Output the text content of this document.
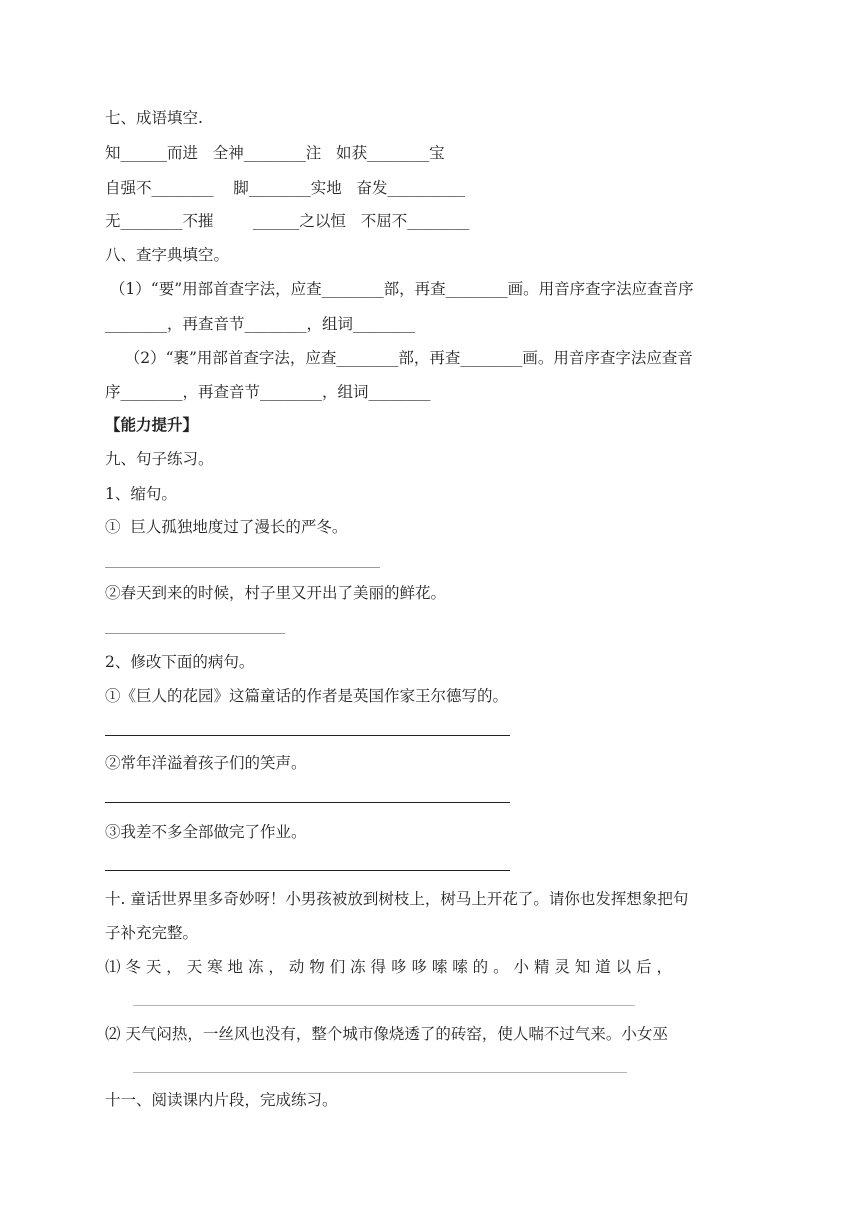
七、成语填空.

知______而进   全神________注   如获________宝

自强不________    脚________实地   奋发__________

无________不摧        ______之以恒   不屈不________

八、查字典填空。

（1）“要”用部首查字法，应查________部，再查________画。用音序查字法应查音序

________，再查音节________，组词________

（2）“裹”用部首查字法，应查________部，再查________画。用音序查字法应查音

序________，再查音节________，组词________

【能力提升】

九、句子练习。

1、缩句。

①  巨人孤独地度过了漫长的严冬。

②春天到来的时候，村子里又开出了美丽的鲜花。

2、修改下面的病句。

①《巨人的花园》这篇童话的作者是英国作家王尔德写的。

②常年洋溢着孩子们的笑声。

③我差不多全部做完了作业。

十. 童话世界里多奇妙呀！小男孩被放到树枝上，树马上开花了。请你也发挥想象把句

子补充完整。

⑴ 冬 天 ， 天 寒 地 冻 ， 动 物 们 冻 得 哆 哆 嗦 嗦 的 。 小 精 灵 知 道 以 后 ，

⑵ 天气闷热，一丝风也没有，整个城市像烧透了的砖窑，使人喘不过气来。小女巫

十一、阅读课内片段，完成练习。
